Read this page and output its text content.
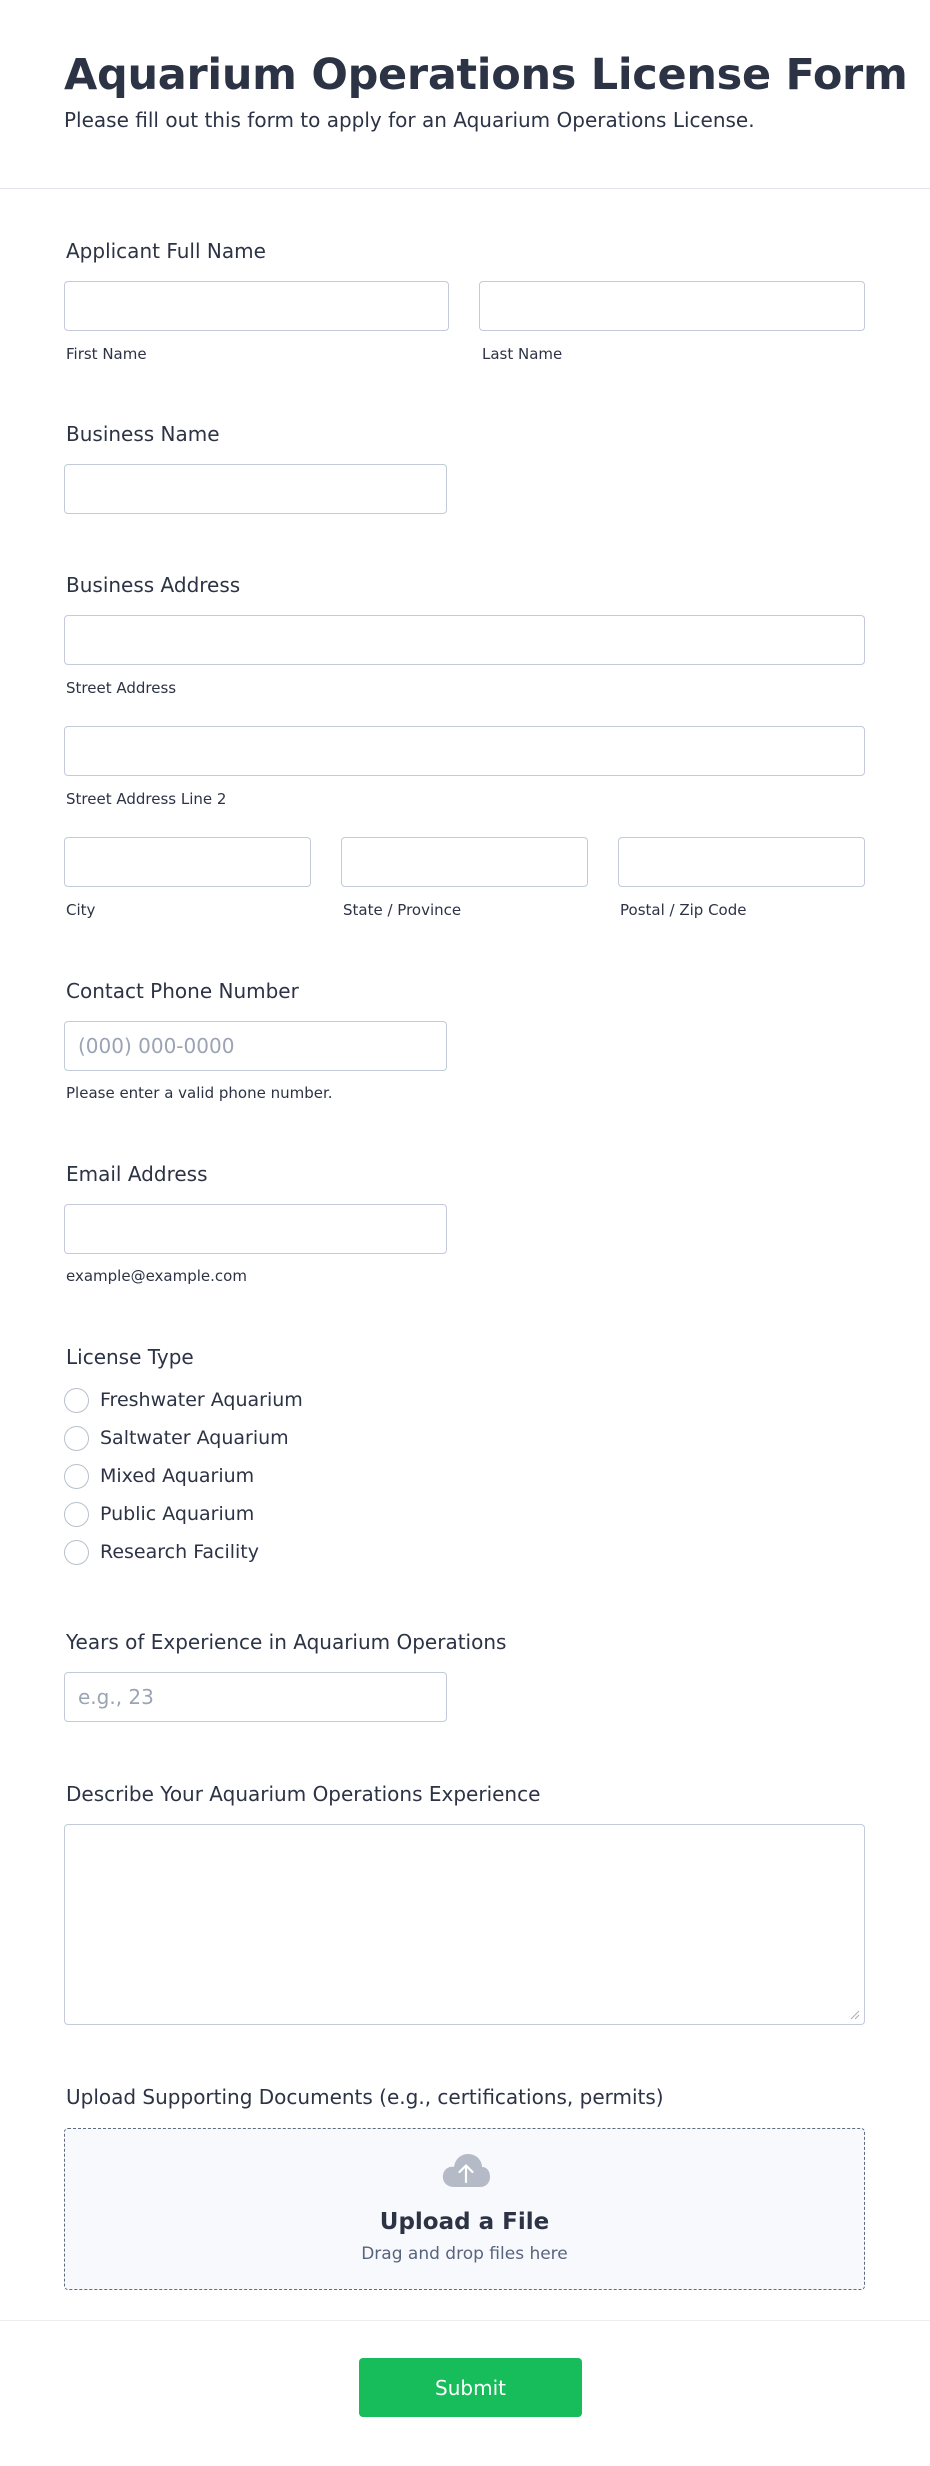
Aquarium Operations License Form

Please fill out this form to apply for an Aquarium Operations License.

Applicant Full Name
First Name	Last Name
Business Name
Business Address
Street Address
Street Address Line 2
City	State / Province	Postal / Zip Code
Contact Phone Number
(000) 000-0000
Please enter a valid phone number.
Email Address
example@example.com
License Type
Freshwater Aquarium
Saltwater Aquarium
Mixed Aquarium
Public Aquarium
Research Facility
Years of Experience in Aquarium Operations
e.g., 23
Describe Your Aquarium Operations Experience
Upload Supporting Documents (e.g., certifications, permits)
Upload a File
Drag and drop files here
Submit
